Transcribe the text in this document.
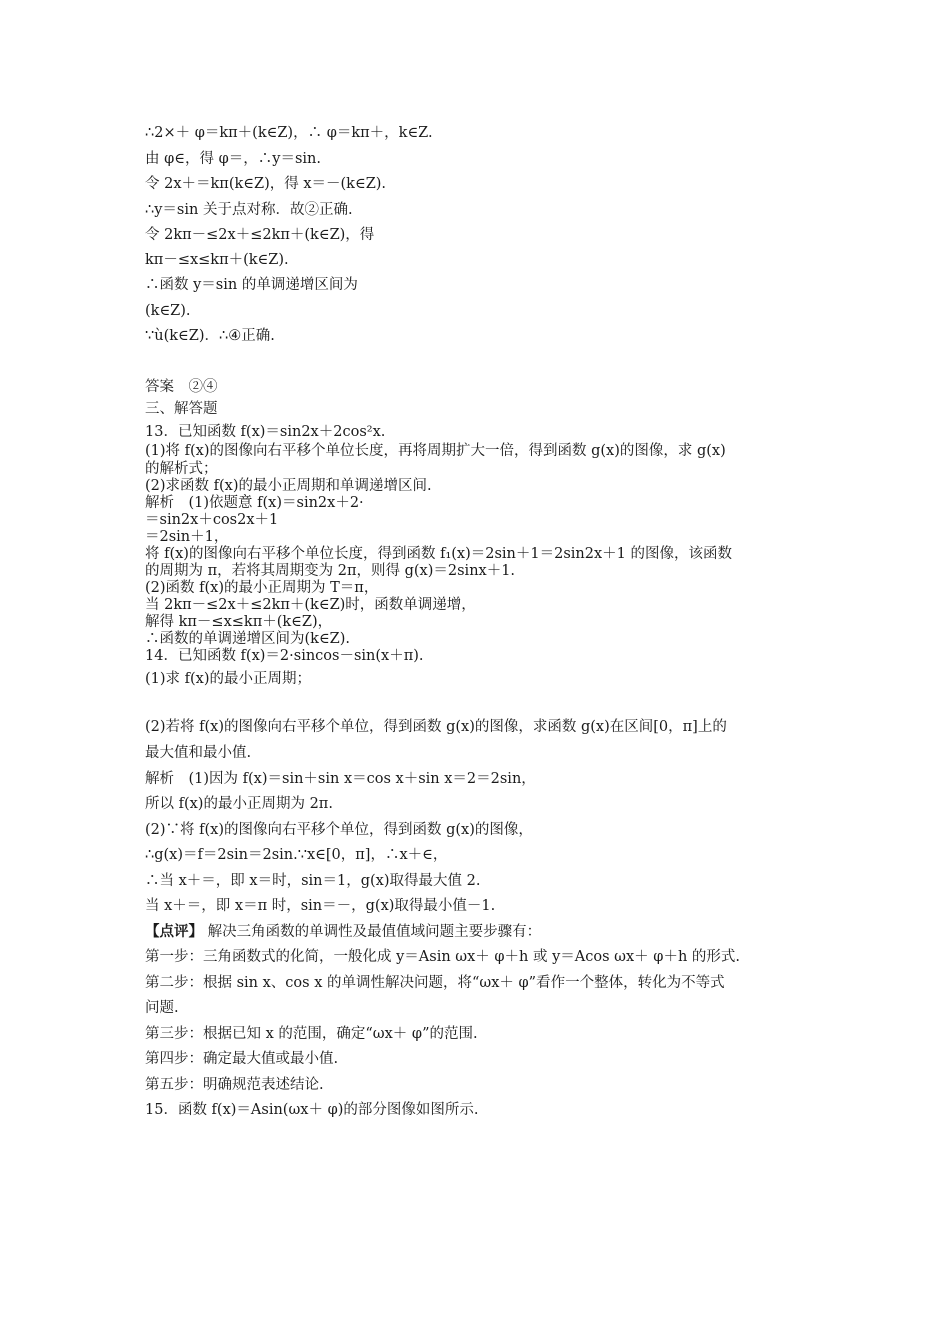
∴2×＋ φ＝kπ＋(k∈Z)，∴ φ＝kπ＋，k∈Z.
由 φ∈，得 φ＝，∴y＝sin.
令 2x＋＝kπ(k∈Z)，得 x＝－(k∈Z).
∴y＝sin 关于点对称．故②正确.
令 2kπ－≤2x＋≤2kπ＋(k∈Z)，得
kπ－≤x≤kπ＋(k∈Z).
∴函数 y＝sin 的单调递增区间为
(k∈Z).
∵ù(k∈Z)．∴④正确.
答案　②④
三、解答题
13．已知函数 f(x)＝sin2x＋2cos²x.
(1)将 f(x)的图像向右平移个单位长度，再将周期扩大一倍，得到函数 g(x)的图像，求 g(x)
的解析式；
(2)求函数 f(x)的最小正周期和单调递增区间.
解析　(1)依题意 f(x)＝sin2x＋2·
＝sin2x＋cos2x＋1
＝2sin＋1，
将 f(x)的图像向右平移个单位长度，得到函数 f₁(x)＝2sin＋1＝2sin2x＋1 的图像，该函数
的周期为 π，若将其周期变为 2π，则得 g(x)＝2sinx＋1.
(2)函数 f(x)的最小正周期为 T＝π，
当 2kπ－≤2x＋≤2kπ＋(k∈Z)时，函数单调递增，
解得 kπ－≤x≤kπ＋(k∈Z)，
∴函数的单调递增区间为(k∈Z).
14．已知函数 f(x)＝2·sincos－sin(x＋π).
(1)求 f(x)的最小正周期；
(2)若将 f(x)的图像向右平移个单位，得到函数 g(x)的图像，求函数 g(x)在区间[0，π]上的
最大值和最小值.
解析　(1)因为 f(x)＝sin＋sin x＝cos x＋sin x＝2＝2sin，
所以 f(x)的最小正周期为 2π.
(2)∵将 f(x)的图像向右平移个单位，得到函数 g(x)的图像，
∴g(x)＝f＝2sin＝2sin.∵x∈[0，π]，∴x＋∈，
∴当 x＋＝，即 x＝时，sin＝1，g(x)取得最大值 2.
当 x＋＝，即 x＝π 时，sin＝－，g(x)取得最小值－1.
【点评】 解决三角函数的单调性及最值值域问题主要步骤有：
第一步：三角函数式的化简，一般化成 y＝Asin ωx＋ φ＋h 或 y＝Acos ωx＋ φ＋h 的形式.
第二步：根据 sin x、cos x 的单调性解决问题，将“ωx＋ φ”看作一个整体，转化为不等式
问题.
第三步：根据已知 x 的范围，确定“ωx＋ φ”的范围.
第四步：确定最大值或最小值.
第五步：明确规范表述结论.
15．函数 f(x)＝Asin(ωx＋ φ)的部分图像如图所示.
